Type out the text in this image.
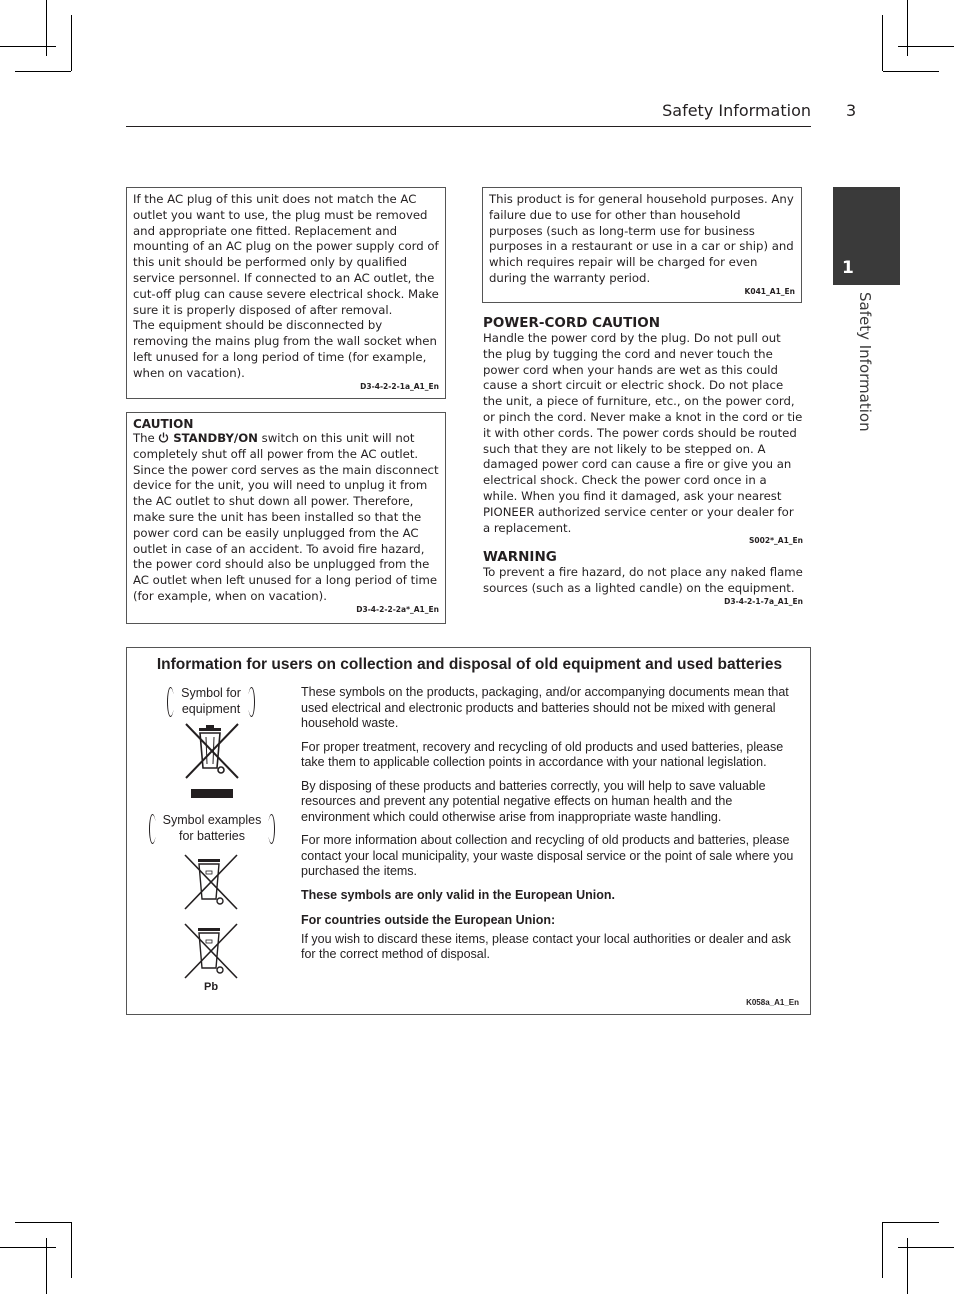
Safety Information 3
1
Safety Information

If the AC plug of this unit does not match the AC outlet you want to use, the plug must be removed and appropriate one fitted. Replacement and mounting of an AC plug on the power supply cord of this unit should be performed only by qualified service personnel. If connected to an AC outlet, the cut-off plug can cause severe electrical shock. Make sure it is properly disposed of after removal.

The equipment should be disconnected by removing the mains plug from the wall socket when left unused for a long period of time (for example, when on vacation).

D3-4-2-2-1a_A1_En

CAUTION

The STANDBY/ON switch on this unit will not completely shut off all power from the AC outlet. Since the power cord serves as the main disconnect device for the unit, you will need to unplug it from the AC outlet to shut down all power. Therefore, make sure the unit has been installed so that the power cord can be easily unplugged from the AC outlet in case of an accident. To avoid fire hazard, the power cord should also be unplugged from the AC outlet when left unused for a long period of time (for example, when on vacation).

D3-4-2-2-2a*_A1_En

This product is for general household purposes. Any failure due to use for other than household purposes (such as long-term use for business purposes in a restaurant or use in a car or ship) and which requires repair will be charged for even during the warranty period.

K041_A1_En

POWER-CORD CAUTION

Handle the power cord by the plug. Do not pull out the plug by tugging the cord and never touch the power cord when your hands are wet as this could cause a short circuit or electric shock. Do not place the unit, a piece of furniture, etc., on the power cord, or pinch the cord. Never make a knot in the cord or tie it with other cords. The power cords should be routed such that they are not likely to be stepped on. A damaged power cord can cause a fire or give you an electrical shock. Check the power cord once in a while. When you find it damaged, ask your nearest PIONEER authorized service center or your dealer for a replacement.

S002*_A1_En

WARNING

To prevent a fire hazard, do not place any naked flame sources (such as a lighted candle) on the equipment.

D3-4-2-1-7a_A1_En

Information for users on collection and disposal of old equipment and used batteries
Symbol for equipment
Symbol examples for batteries
Pb

These symbols on the products, packaging, and/or accompanying documents mean that used electrical and electronic products and batteries should not be mixed with general household waste.

For proper treatment, recovery and recycling of old products and used batteries, please take them to applicable collection points in accordance with your national legislation.

By disposing of these products and batteries correctly, you will help to save valuable resources and prevent any potential negative effects on human health and the environment which could otherwise arise from inappropriate waste handling.

For more information about collection and recycling of old products and batteries, please contact your local municipality, your waste disposal service or the point of sale where you purchased the items.

These symbols are only valid in the European Union.

For countries outside the European Union:

If you wish to discard these items, please contact your local authorities or dealer and ask for the correct method of disposal.

K058a_A1_En
